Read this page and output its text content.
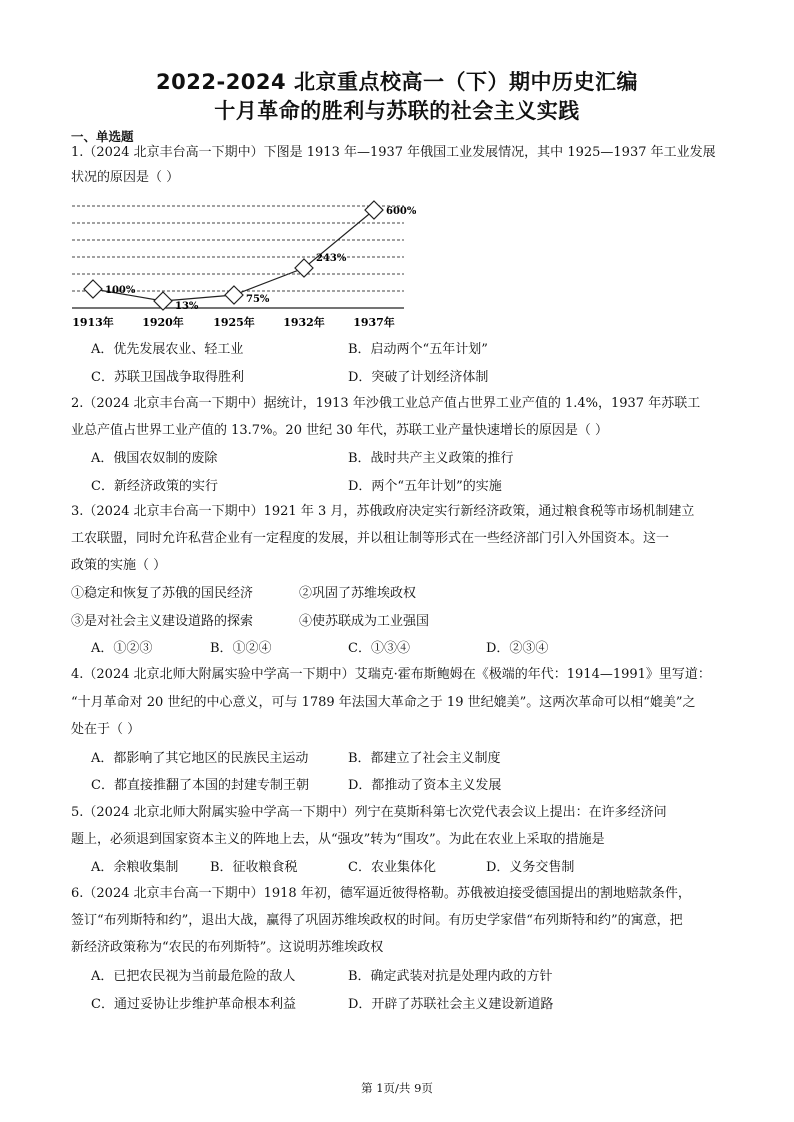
2022-2024 北京重点校高一（下）期中历史汇编
十月革命的胜利与苏联的社会主义实践
一、单选题
1.（2024 北京丰台高一下期中）下图是 1913 年—1937 年俄国工业发展情况，其中 1925—1937 年工业发展
状况的原因是（ ）
100%
1913年
13%
1920年
75%
1925年
243%
1932年
600%
1937年
A．优先发展农业、轻工业	B．启动两个“五年计划”
C．苏联卫国战争取得胜利	D．突破了计划经济体制
2.（2024 北京丰台高一下期中）据统计，1913 年沙俄工业总产值占世界工业产值的 1.4%，1937 年苏联工
业总产值占世界工业产值的 13.7%。20 世纪 30 年代，苏联工业产量快速增长的原因是（ ）
A．俄国农奴制的废除	B．战时共产主义政策的推行
C．新经济政策的实行	D．两个“五年计划”的实施
3.（2024 北京丰台高一下期中）1921 年 3 月，苏俄政府决定实行新经济政策，通过粮食税等市场机制建立
工农联盟，同时允许私营企业有一定程度的发展，并以租让制等形式在一些经济部门引入外国资本。这一
政策的实施（ ）
①稳定和恢复了苏俄的国民经济	②巩固了苏维埃政权
③是对社会主义建设道路的探索	④使苏联成为工业强国
A．①②③	B．①②④	C．①③④	D．②③④
4.（2024 北京北师大附属实验中学高一下期中）艾瑞克·霍布斯鲍姆在《极端的年代：1914—1991》里写道：
“十月革命对 20 世纪的中心意义，可与 1789 年法国大革命之于 19 世纪媲美”。这两次革命可以相“媲美”之
处在于（ ）
A．都影响了其它地区的民族民主运动	B．都建立了社会主义制度
C．都直接推翻了本国的封建专制王朝	D．都推动了资本主义发展
5.（2024 北京北师大附属实验中学高一下期中）列宁在莫斯科第七次党代表会议上提出：在许多经济问
题上，必须退到国家资本主义的阵地上去，从“强攻”转为“围攻”。为此在农业上采取的措施是
A．余粮收集制 B．征收粮食税	C．农业集体化	D．义务交售制
6.（2024 北京丰台高一下期中）1918 年初，德军逼近彼得格勒。苏俄被迫接受德国提出的割地赔款条件，
签订“布列斯特和约”，退出大战，赢得了巩固苏维埃政权的时间。有历史学家借“布列斯特和约”的寓意，把
新经济政策称为“农民的布列斯特”。这说明苏维埃政权
A．已把农民视为当前最危险的敌人	B．确定武装对抗是处理内政的方针
C．通过妥协让步维护革命根本利益	D．开辟了苏联社会主义建设新道路
第 1页/共 9页
